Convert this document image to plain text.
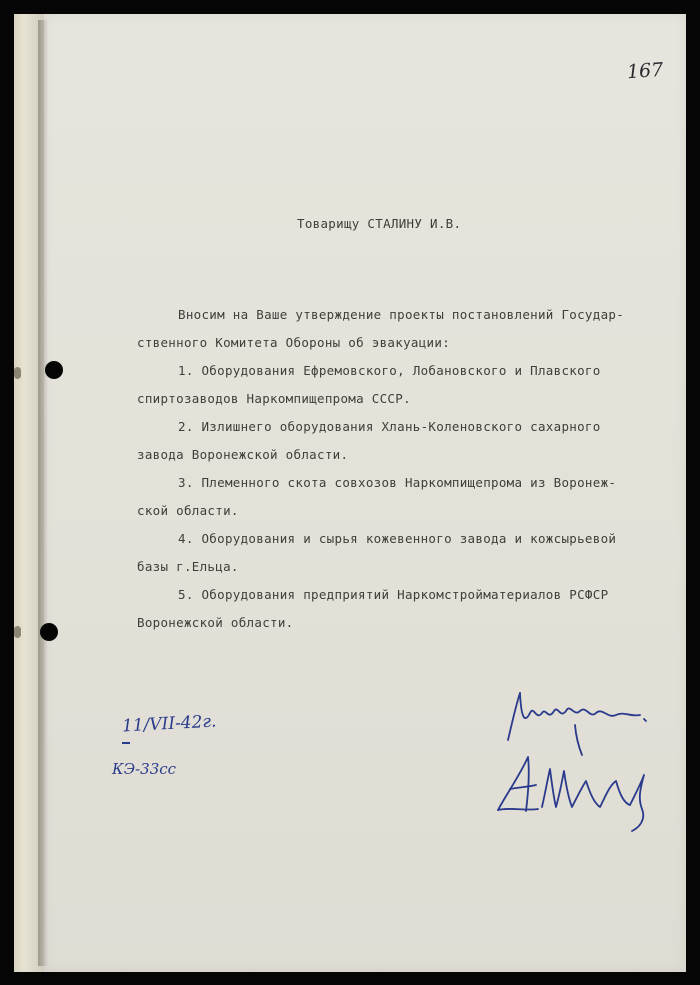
167

Товарищу СТАЛИНУ И.В.

Вносим на Ваше утверждение проекты постановлений Государ-

ственного Комитета Обороны об эвакуации:

1. Оборудования Ефремовского, Лобановского и Плавского

спиртозаводов Наркомпищепрома СССР.

2. Излишнего оборудования Хлань-Коленовского сахарного

завода Воронежской области.

3. Племенного скота совхозов Наркомпищепрома из Воронеж-

ской области.

4. Оборудования и сырья кожевенного завода и кожсырьевой

базы г.Ельца.

5. Оборудования предприятий Наркомстройматериалов РСФСР

Воронежской области.

11/VII-42г.
КЭ-33сс
